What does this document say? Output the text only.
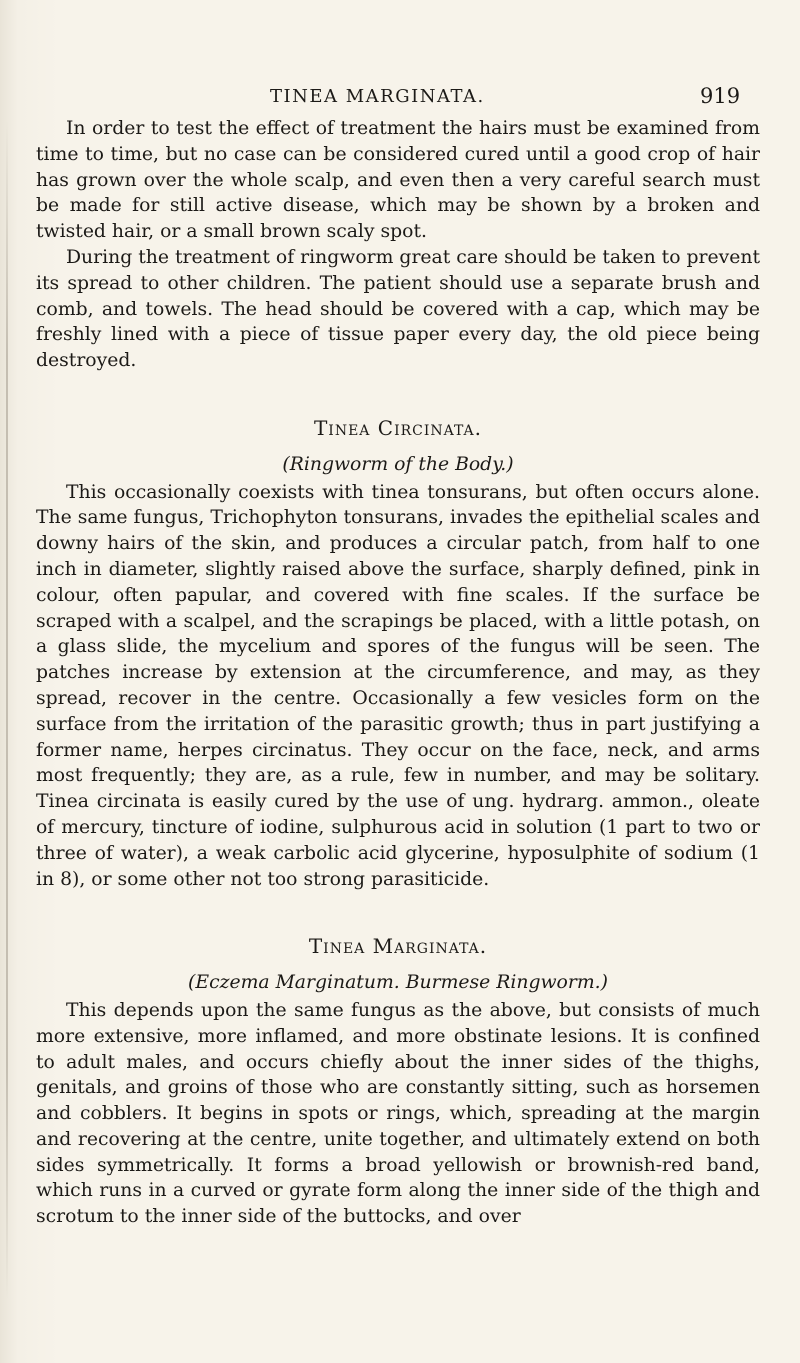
TINEA MARGINATA.	919

In order to test the effect of treatment the hairs must be examined from time to time, but no case can be considered cured until a good crop of hair has grown over the whole scalp, and even then a very careful search must be made for still active disease, which may be shown by a broken and twisted hair, or a small brown scaly spot.

During the treatment of ringworm great care should be taken to prevent its spread to other children. The patient should use a separate brush and comb, and towels. The head should be covered with a cap, which may be freshly lined with a piece of tissue paper every day, the old piece being destroyed.

Tinea Circinata.
(Ringworm of the Body.)

This occasionally coexists with tinea tonsurans, but often occurs alone. The same fungus, Trichophyton tonsurans, invades the epithelial scales and downy hairs of the skin, and produces a circular patch, from half to one inch in diameter, slightly raised above the surface, sharply defined, pink in colour, often papular, and covered with fine scales. If the surface be scraped with a scalpel, and the scrapings be placed, with a little potash, on a glass slide, the mycelium and spores of the fungus will be seen. The patches increase by extension at the circumference, and may, as they spread, recover in the centre. Occasionally a few vesicles form on the surface from the irritation of the parasitic growth; thus in part justifying a former name, herpes circinatus. They occur on the face, neck, and arms most frequently; they are, as a rule, few in number, and may be solitary. Tinea circinata is easily cured by the use of ung. hydrarg. ammon., oleate of mercury, tincture of iodine, sulphurous acid in solution (1 part to two or three of water), a weak carbolic acid glycerine, hyposulphite of sodium (1 in 8), or some other not too strong parasiticide.

Tinea Marginata.
(Eczema Marginatum. Burmese Ringworm.)

This depends upon the same fungus as the above, but consists of much more extensive, more inflamed, and more obstinate lesions. It is confined to adult males, and occurs chiefly about the inner sides of the thighs, genitals, and groins of those who are constantly sitting, such as horsemen and cobblers. It begins in spots or rings, which, spreading at the margin and recovering at the centre, unite together, and ultimately extend on both sides symmetrically. It forms a broad yellowish or brownish-red band, which runs in a curved or gyrate form along the inner side of the thigh and scrotum to the inner side of the buttocks, and over
